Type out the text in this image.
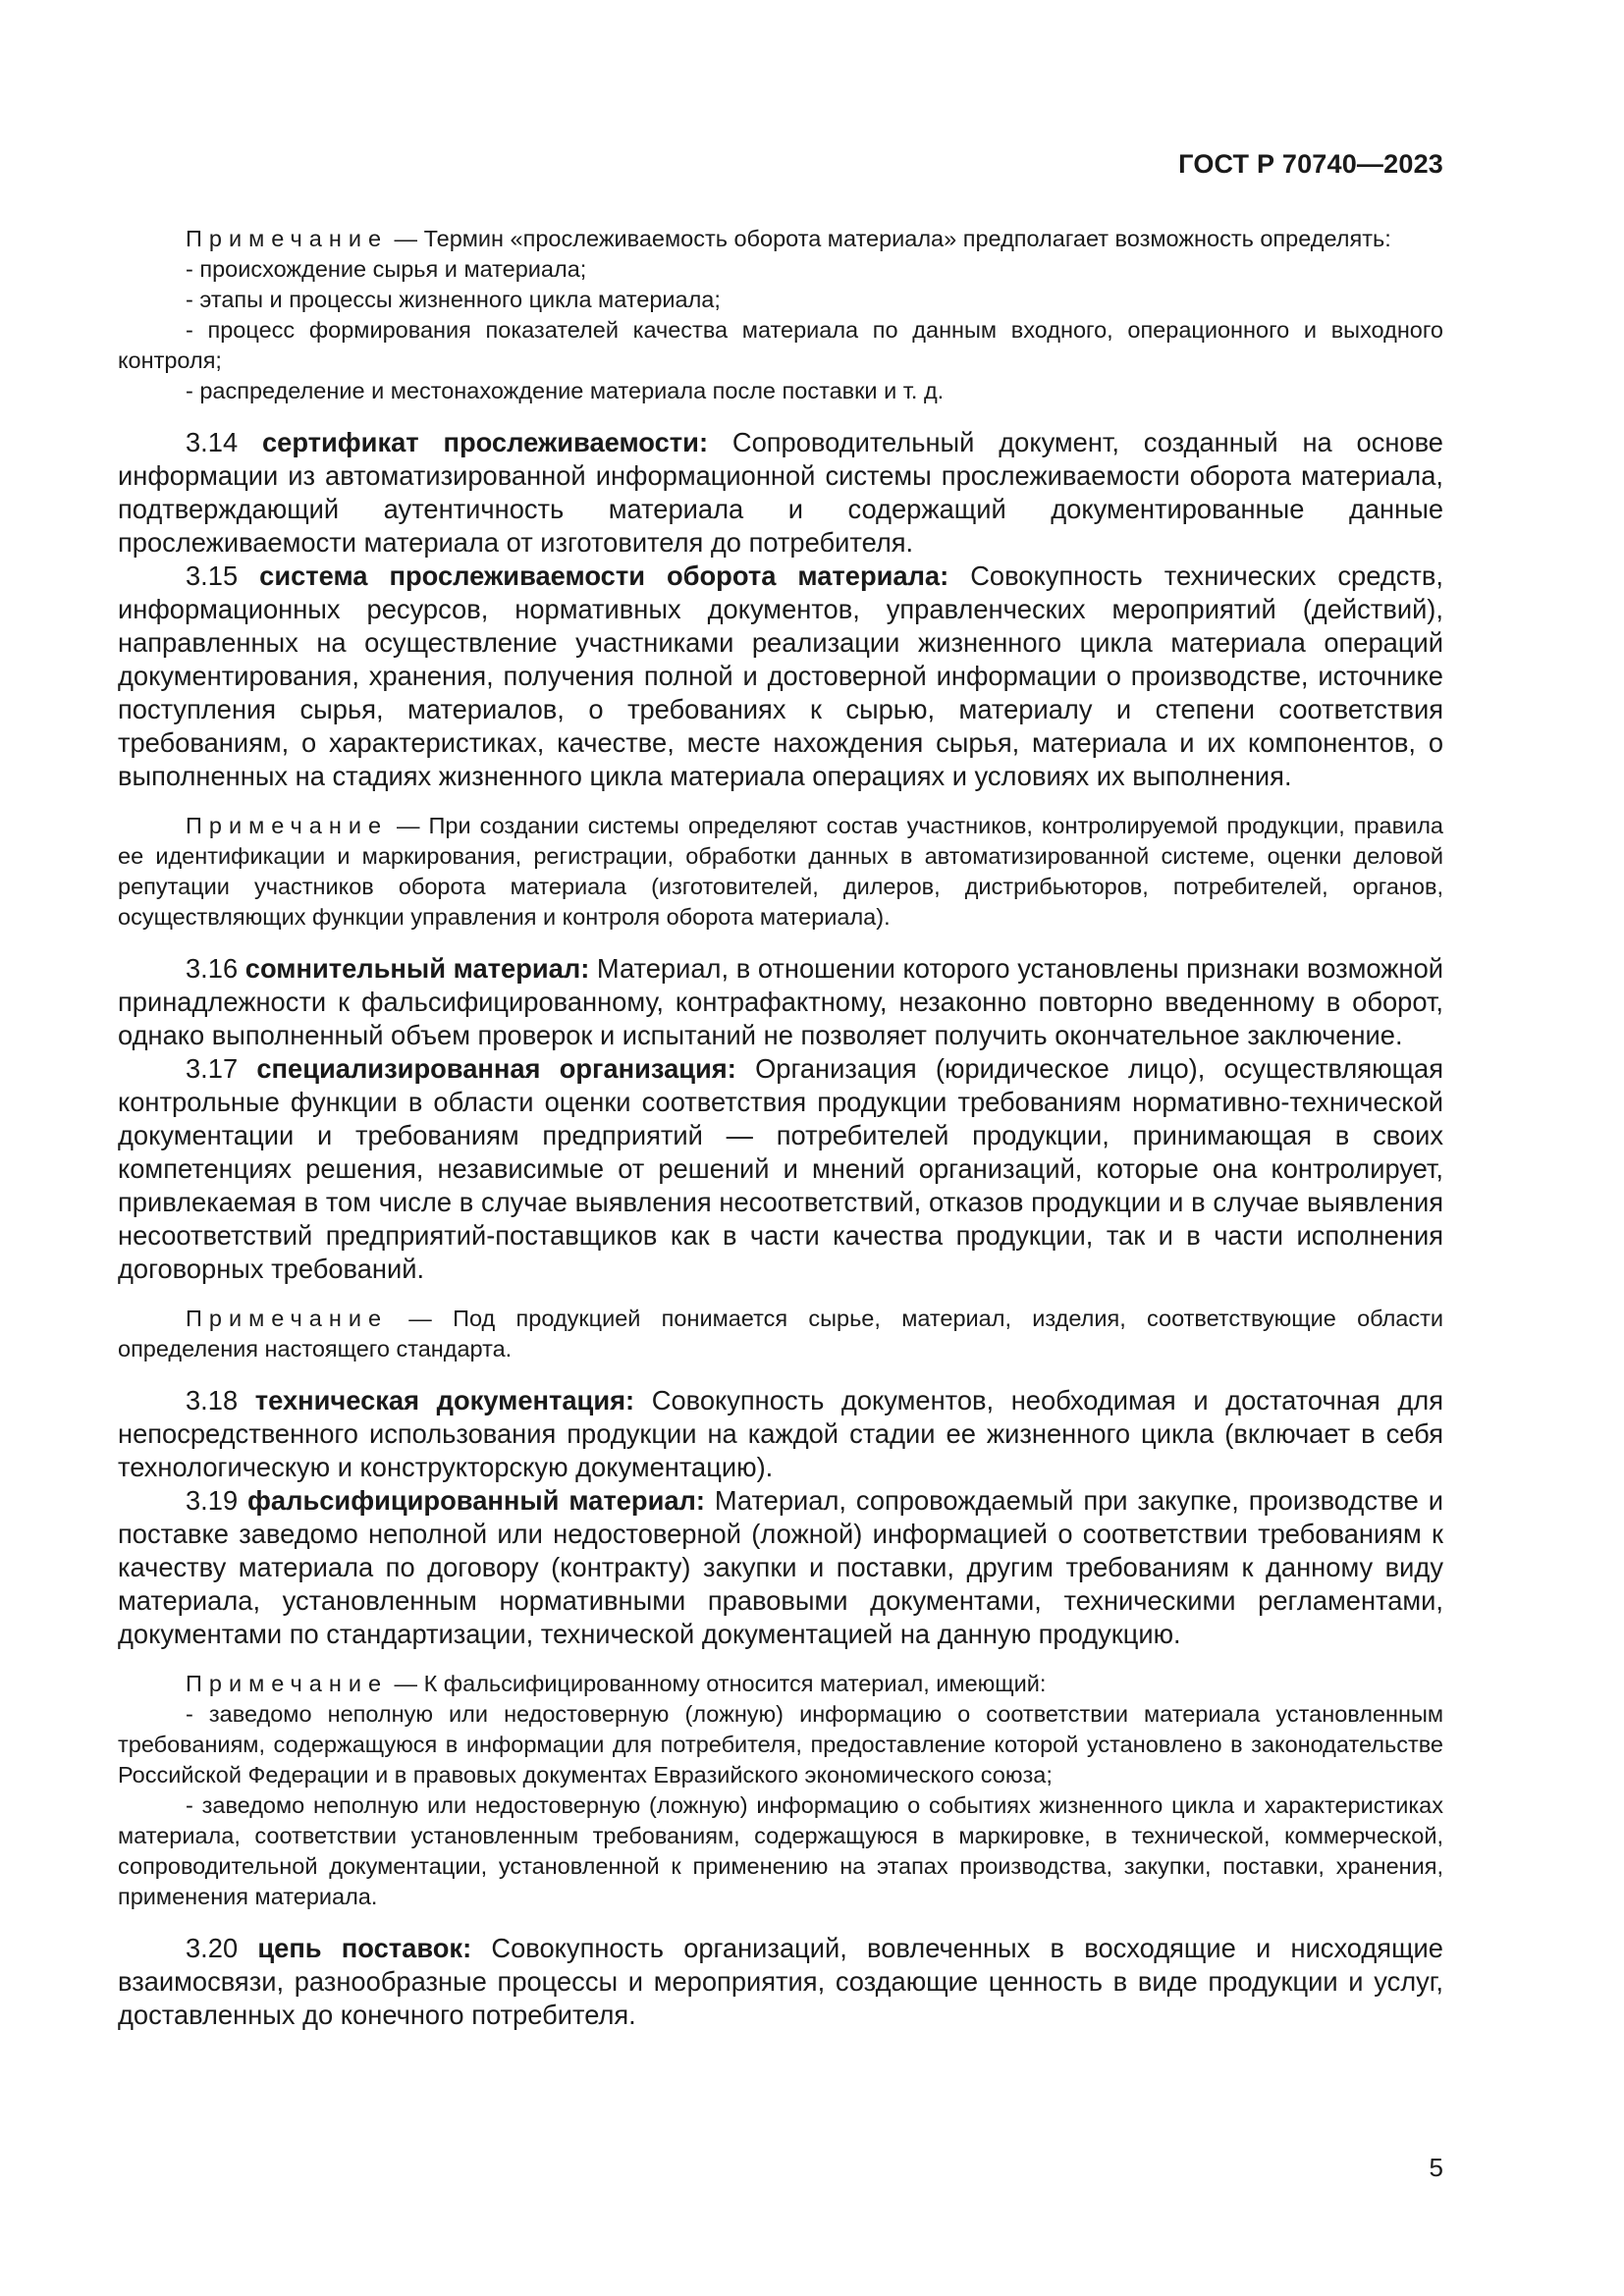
ГОСТ Р 70740—2023

Примечание — Термин «прослеживаемость оборота материала» предполагает возможность определять:

- происхождение сырья и материала;

- этапы и процессы жизненного цикла материала;

- процесс формирования показателей качества материала по данным входного, операционного и выходного контроля;

- распределение и местонахождение материала после поставки и т. д.

3.14 сертификат прослеживаемости: Сопроводительный документ, созданный на основе информации из автоматизированной информационной системы прослеживаемости оборота материала, подтверждающий аутентичность материала и содержащий документированные данные прослеживаемости материала от изготовителя до потребителя.

3.15 система прослеживаемости оборота материала: Совокупность технических средств, информационных ресурсов, нормативных документов, управленческих мероприятий (действий), направленных на осуществление участниками реализации жизненного цикла материала операций документирования, хранения, получения полной и достоверной информации о производстве, источнике поступления сырья, материалов, о требованиях к сырью, материалу и степени соответствия требованиям, о характеристиках, качестве, месте нахождения сырья, материала и их компонентов, о выполненных на стадиях жизненного цикла материала операциях и условиях их выполнения.

Примечание — При создании системы определяют состав участников, контролируемой продукции, правила ее идентификации и маркирования, регистрации, обработки данных в автоматизированной системе, оценки деловой репутации участников оборота материала (изготовителей, дилеров, дистрибьюторов, потребителей, органов, осуществляющих функции управления и контроля оборота материала).

3.16 сомнительный материал: Материал, в отношении которого установлены признаки возможной принадлежности к фальсифицированному, контрафактному, незаконно повторно введенному в оборот, однако выполненный объем проверок и испытаний не позволяет получить окончательное заключение.

3.17 специализированная организация: Организация (юридическое лицо), осуществляющая контрольные функции в области оценки соответствия продукции требованиям нормативно-технической документации и требованиям предприятий — потребителей продукции, принимающая в своих компетенциях решения, независимые от решений и мнений организаций, которые она контролирует, привлекаемая в том числе в случае выявления несоответствий, отказов продукции и в случае выявления несоответствий предприятий-поставщиков как в части качества продукции, так и в части исполнения договорных требований.

Примечание — Под продукцией понимается сырье, материал, изделия, соответствующие области определения настоящего стандарта.

3.18 техническая документация: Совокупность документов, необходимая и достаточная для непосредственного использования продукции на каждой стадии ее жизненного цикла (включает в себя технологическую и конструкторскую документацию).

3.19 фальсифицированный материал: Материал, сопровождаемый при закупке, производстве и поставке заведомо неполной или недостоверной (ложной) информацией о соответствии требованиям к качеству материала по договору (контракту) закупки и поставки, другим требованиям к данному виду материала, установленным нормативными правовыми документами, техническими регламентами, документами по стандартизации, технической документацией на данную продукцию.

Примечание — К фальсифицированному относится материал, имеющий:

- заведомо неполную или недостоверную (ложную) информацию о соответствии материала установленным требованиям, содержащуюся в информации для потребителя, предоставление которой установлено в законодательстве Российской Федерации и в правовых документах Евразийского экономического союза;

- заведомо неполную или недостоверную (ложную) информацию о событиях жизненного цикла и характеристиках материала, соответствии установленным требованиям, содержащуюся в маркировке, в технической, коммерческой, сопроводительной документации, установленной к применению на этапах производства, закупки, поставки, хранения, применения материала.

3.20 цепь поставок: Совокупность организаций, вовлеченных в восходящие и нисходящие взаимосвязи, разнообразные процессы и мероприятия, создающие ценность в виде продукции и услуг, доставленных до конечного потребителя.

5
